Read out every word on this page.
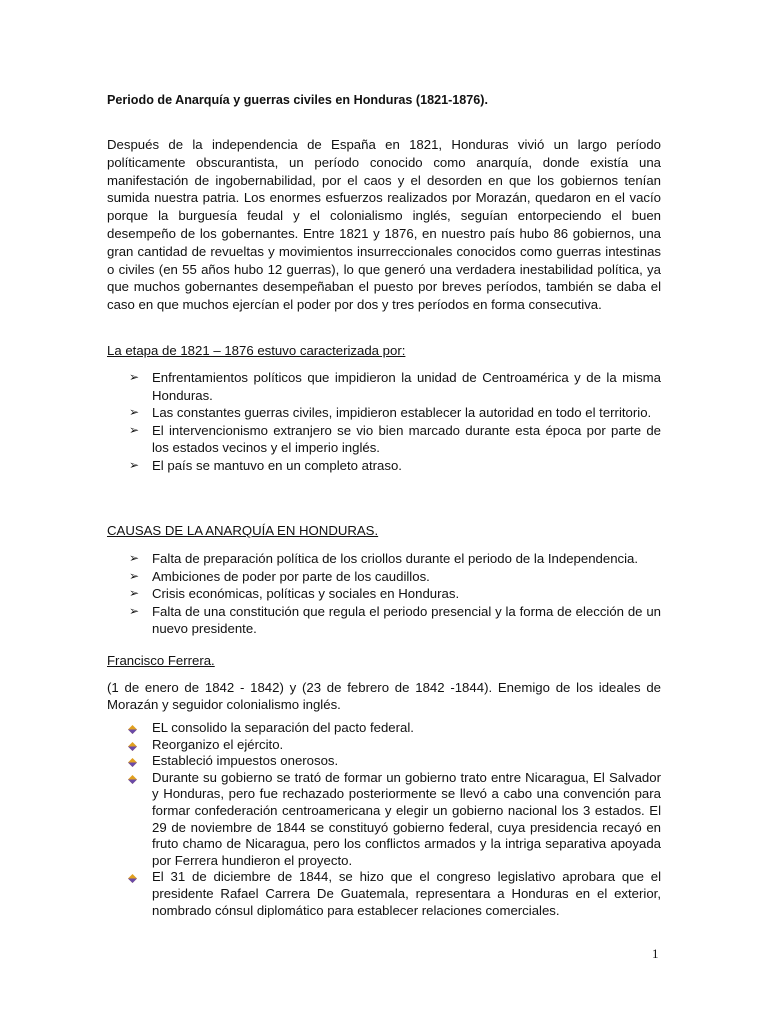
Periodo de Anarquía y guerras civiles en Honduras (1821-1876).

Después de la independencia de España en 1821, Honduras vivió un largo período políticamente obscurantista, un período conocido como anarquía, donde existía una manifestación de ingobernabilidad, por el caos y el desorden en que los gobiernos tenían sumida nuestra patria. Los enormes esfuerzos realizados por Morazán, quedaron en el vacío porque la burguesía feudal y el colonialismo inglés, seguían entorpeciendo el buen desempeño de los gobernantes. Entre 1821 y 1876, en nuestro país hubo 86 gobiernos, una gran cantidad de revueltas y movimientos insurreccionales conocidos como guerras intestinas o civiles (en 55 años hubo 12 guerras), lo que generó una verdadera inestabilidad política, ya que muchos gobernantes desempeñaban el puesto por breves períodos, también se daba el caso en que muchos ejercían el poder por dos y tres períodos en forma consecutiva.

La etapa de 1821 – 1876 estuvo caracterizada por:
➢
Enfrentamientos políticos que impidieron la unidad de Centroamérica y de la misma Honduras.
➢
Las constantes guerras civiles, impidieron establecer la autoridad en todo el territorio.
➢
El intervencionismo extranjero se vio bien marcado durante esta época por parte de los estados vecinos y el imperio inglés.
➢
El país se mantuvo en un completo atraso.
CAUSAS DE LA ANARQUÍA EN HONDURAS.
➢
Falta de preparación política de los criollos durante el periodo de la Independencia.
➢
Ambiciones de poder por parte de los caudillos.
➢
Crisis económicas, políticas y sociales en Honduras.
➢
Falta de una constitución que regula el periodo presencial y la forma de elección de un nuevo presidente.
Francisco Ferrera.

(1 de enero de 1842 - 1842) y (23 de febrero de 1842 -1844). Enemigo de los ideales de Morazán y seguidor colonialismo inglés.

EL consolido la separación del pacto federal.
Reorganizo el ejército.
Estableció impuestos onerosos.
Durante su gobierno se trató de formar un gobierno trato entre Nicaragua, El Salvador y Honduras, pero fue rechazado posteriormente se llevó a cabo una convención para formar confederación centroamericana y elegir un gobierno nacional los 3 estados. El 29 de noviembre de 1844 se constituyó gobierno federal, cuya presidencia recayó en fruto chamo de Nicaragua, pero los conflictos armados y la intriga separativa apoyada por Ferrera hundieron el proyecto.
El 31 de diciembre de 1844, se hizo que el congreso legislativo aprobara que el presidente Rafael Carrera De Guatemala, representara a Honduras en el exterior, nombrado cónsul diplomático para establecer relaciones comerciales.
1
